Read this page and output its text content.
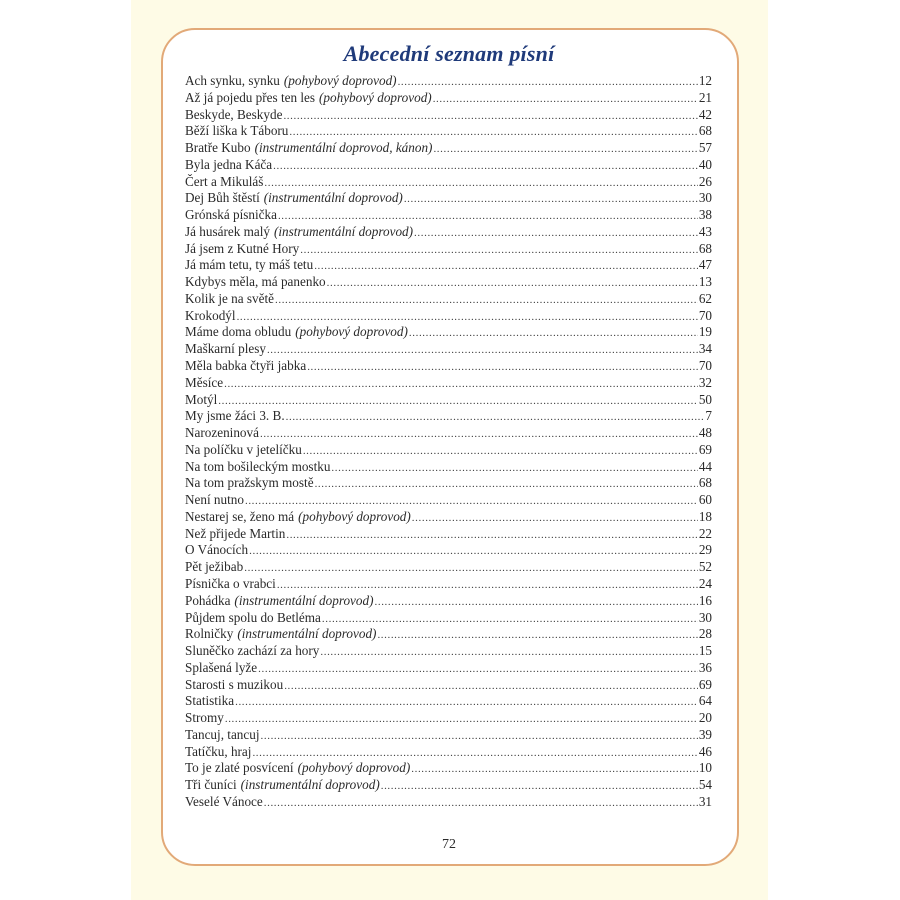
Abecední seznam písní
Ach synku, synku (pohybový doprovod) .....	12
Až já pojedu přes ten les (pohybový doprovod) .....	21
Beskyde, Beskyde .....	42
Běží liška k Táboru .....	68
Bratře Kubo (instrumentální doprovod, kánon) .....	57
Byla jedna Káča .....	40
Čert a Mikuláš .....	26
Dej Bůh štěstí (instrumentální doprovod) .....	30
Grónská písnička .....	38
Já husárek malý (instrumentální doprovod) .....	43
Já jsem z Kutné Hory .....	68
Já mám tetu, ty máš tetu .....	47
Kdybys měla, má panenko .....	13
Kolik je na světě .....	62
Krokodýl .....	70
Máme doma obludu (pohybový doprovod) .....	19
Maškarní plesy .....	34
Měla babka čtyři jabka .....	70
Měsíce .....	32
Motýl .....	50
My jsme žáci 3. B. .....	7
Narozeninová .....	48
Na políčku v jetelíčku .....	69
Na tom bošileckým mostku .....	44
Na tom pražskym mostě .....	68
Není nutno .....	60
Nestarej se, ženo má (pohybový doprovod) .....	18
Než přijede Martin .....	22
O Vánocích .....	29
Pět ježibab .....	52
Písnička o vrabci .....	24
Pohádka (instrumentální doprovod) .....	16
Půjdem spolu do Betléma .....	30
Rolničky (instrumentální doprovod) .....	28
Sluněčko zachází za hory .....	15
Splašená lyže .....	36
Starosti s muzikou .....	69
Statistika .....	64
Stromy .....	20
Tancuj, tancuj .....	39
Tatíčku, hraj .....	46
To je zlaté posvícení (pohybový doprovod) .....	10
Tři čuníci (instrumentální doprovod) .....	54
Veselé Vánoce .....	31
72
